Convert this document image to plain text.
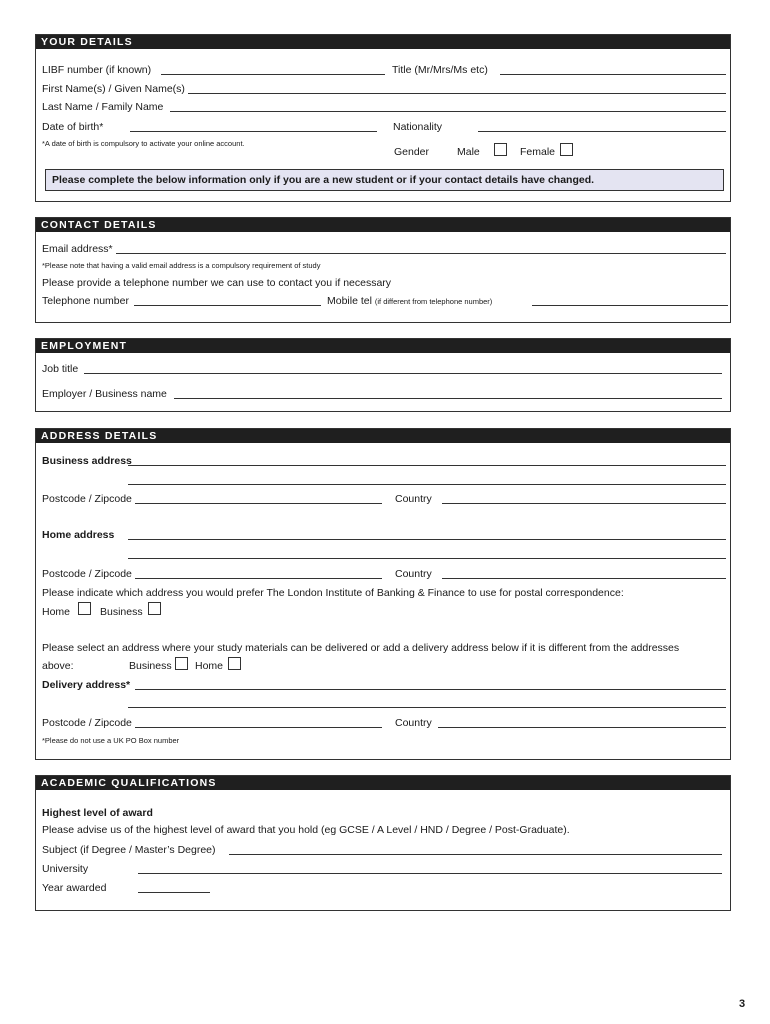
YOUR DETAILS
LIBF number (if known)	Title (Mr/Mrs/Ms etc)
First Name(s) / Given Name(s)
Last Name / Family Name
Date of birth*	Nationality
*A date of birth is compulsory to activate your online account.
Gender	Male	Female
Please complete the below information only if you are a new student or if your contact details have changed.
CONTACT DETAILS
Email address*
*Please note that having a valid email address is a compulsory requirement of study
Please provide a telephone number we can use to contact you if necessary
Telephone number	Mobile tel (if different from telephone number)
EMPLOYMENT
Job title
Employer / Business name
ADDRESS DETAILS
Business address
Postcode / Zipcode	Country
Home address
Postcode / Zipcode	Country
Please indicate which address you would prefer The London Institute of Banking & Finance to use for postal correspondence:
Home	Business
Please select an address where your study materials can be delivered or add a delivery address below if it is different from the addresses
above:	Business Home
Delivery address*
Postcode / Zipcode	Country
*Please do not use a UK PO Box number
ACADEMIC QUALIFICATIONS
Highest level of award
Please advise us of the highest level of award that you hold (eg GCSE / A Level / HND / Degree / Post-Graduate).
Subject (if Degree / Master’s Degree)
University
Year awarded
3
